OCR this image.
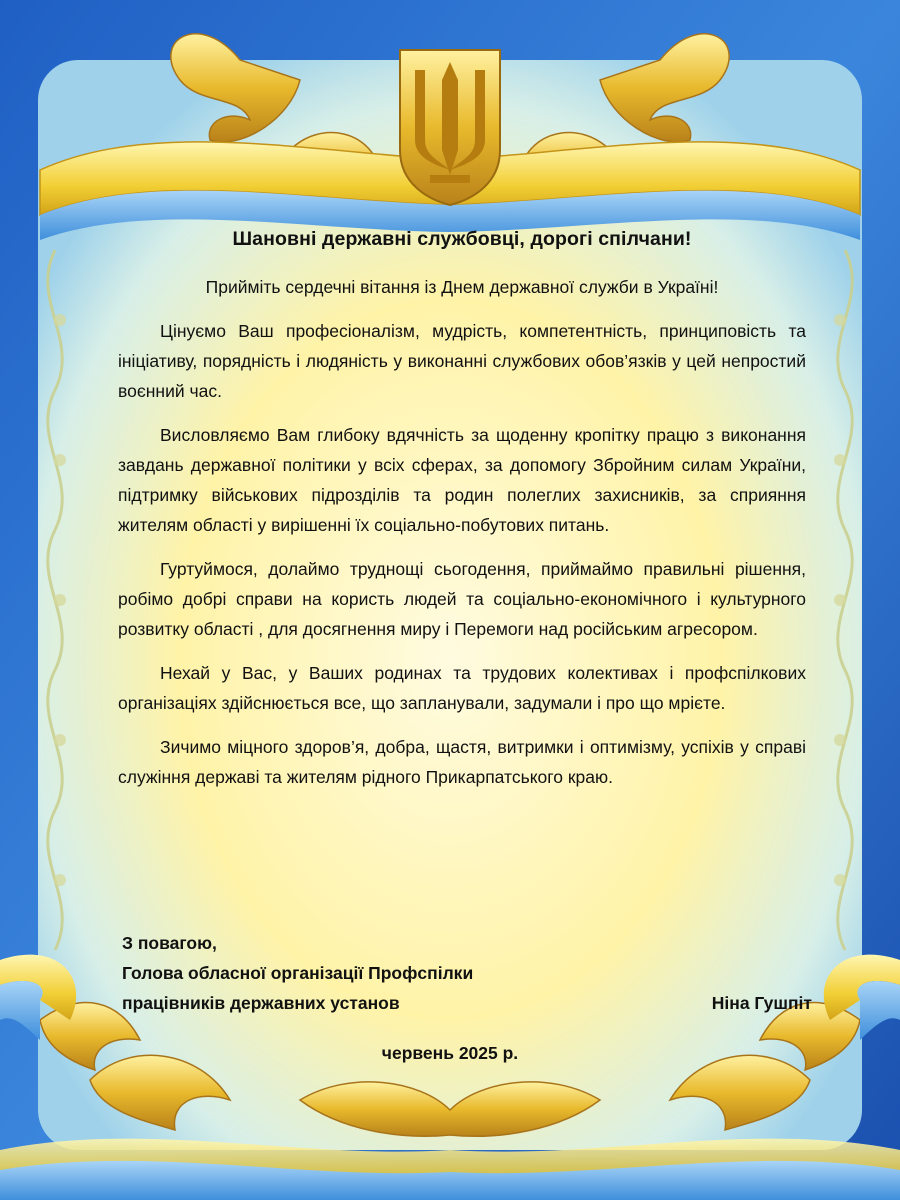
Шановні державні службовці, дорогі спілчани!
Прийміть сердечні вітання із Днем державної служби в Україні!

Цінуємо Ваш професіоналізм, мудрість, компетентність, принциповість та ініціативу, порядність і людяність у виконанні службових обов’язків у цей непростий воєнний час.

Висловляємо Вам глибоку вдячність за щоденну кропітку працю з виконання завдань державної політики у всіх сферах, за допомогу Збройним силам України, підтримку військових підрозділів та родин полеглих захисників, за сприяння жителям області у вирішенні їх соціально-побутових питань.

Гуртуймося, долаймо труднощі сьогодення, приймаймо правильні рішення, робімо добрі справи на користь людей та соціально-економічного і культурного розвитку області , для досягнення миру і Перемоги над російським агресором.

Нехай у Вас, у Ваших родинах та трудових колективах і профспілкових організаціях здійснюється все, що запланували, задумали і про що мрієте.

Зичимо міцного здоров’я, добра, щастя, витримки і оптимізму, успіхів у справі служіння державі та жителям рідного Прикарпатського краю.

З повагою,
Голова обласної організації Профспілки
працівників державних установ	Ніна Гушпіт
червень 2025 р.
